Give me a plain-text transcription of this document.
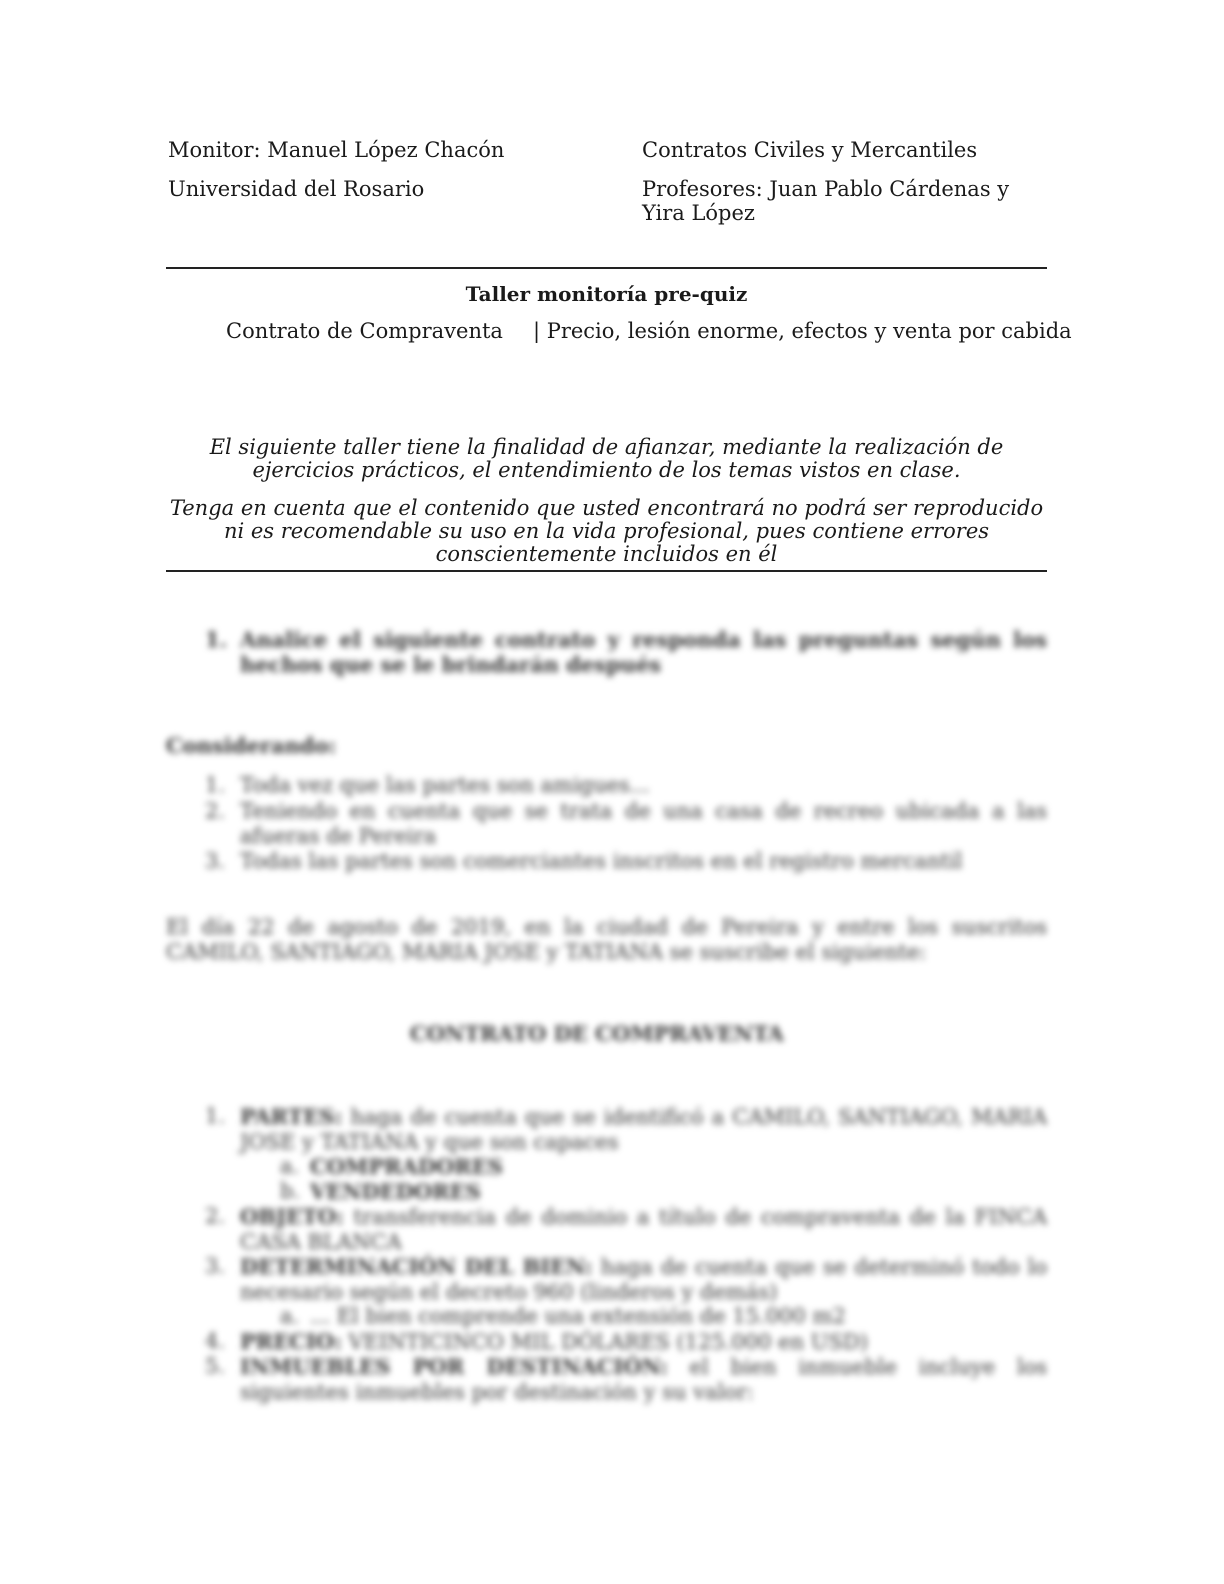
Monitor: Manuel López Chacón
Universidad del Rosario
Contratos Civiles y Mercantiles
Profesores: Juan Pablo Cárdenas y Yira López
Taller monitoría pre-quiz
Contrato de Compraventa | Precio, lesión enorme, efectos y venta por cabida
El siguiente taller tiene la finalidad de afianzar, mediante la realización de ejercicios prácticos, el entendimiento de los temas vistos en clase.
Tenga en cuenta que el contenido que usted encontrará no podrá ser reproducido ni es recomendable su uso en la vida profesional, pues contiene errores conscientemente incluidos en él
1. Analice el siguiente contrato y responda las preguntas según los hechos que se le brindarán después
Considerando:
1. Toda vez que las partes son amigues...
2. Teniendo en cuenta que se trata de una casa de recreo ubicada a las afueras de Pereira
3. Todas las partes son comerciantes inscritos en el registro mercantil
El día 22 de agosto de 2019, en la ciudad de Pereira y entre los suscritos CAMILO, SANTIAGO, MARIA JOSE y TATIANA se suscribe el siguiente:
CONTRATO DE COMPRAVENTA
1. PARTES: haga de cuenta que se identificó a CAMILO, SANTIAGO, MARIA JOSE y TATIANA y que son capaces
a. COMPRADORES
b. VENDEDORES
2. OBJETO: transferencia de dominio a título de compraventa de la FINCA CASA BLANCA
3. DETERMINACIÓN DEL BIEN: haga de cuenta que se determinó todo lo necesario según el decreto 960 (linderos y demás)
a. ... El bien comprende una extensión de 15.000 m2
4. PRECIO: VEINTICINCO MIL DÓLARES (125.000 en USD)
5. INMUEBLES POR DESTINACIÓN: el bien inmueble incluye los siguientes inmuebles por destinación y su valor:
